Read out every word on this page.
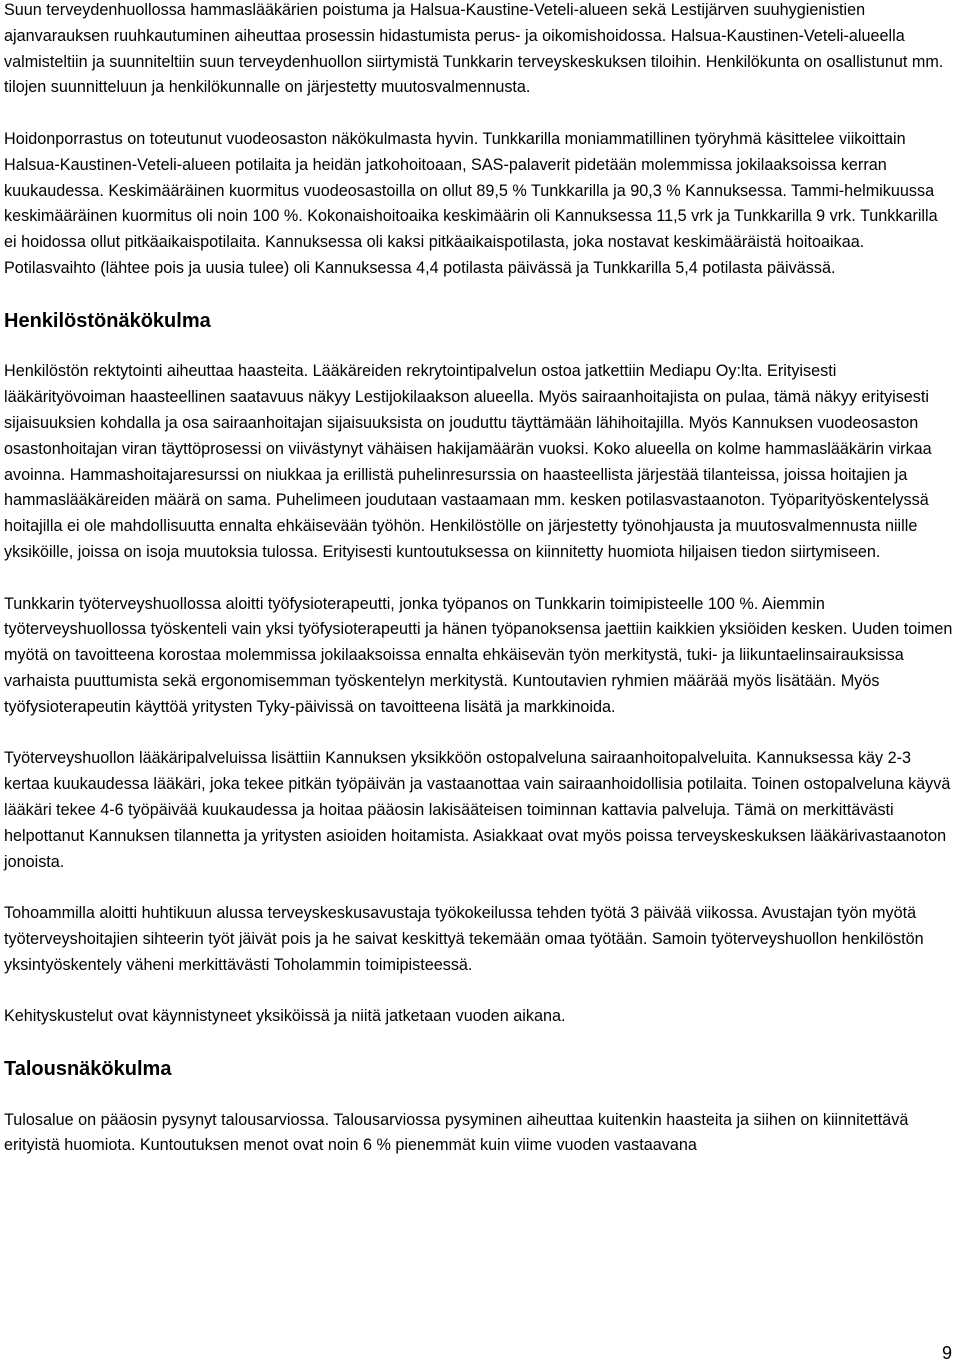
Suun terveydenhuollossa hammaslääkärien poistuma ja Halsua-Kaustine-Veteli-alueen sekä Lestijärven suuhygienistien ajanvarauksen ruuhkautuminen aiheuttaa prosessin hidastumista perus- ja oikomishoidossa. Halsua-Kaustinen-Veteli-alueella valmisteltiin ja suunniteltiin suun terveydenhuollon siirtymistä Tunkkarin terveyskeskuksen tiloihin. Henkilökunta on osallistunut mm. tilojen suunnitteluun ja henkilökunnalle on järjestetty muutosvalmennusta.

Hoidonporrastus on toteutunut vuodeosaston näkökulmasta hyvin. Tunkkarilla moniammatillinen työryhmä käsittelee viikoittain Halsua-Kaustinen-Veteli-alueen potilaita ja heidän jatkohoitoaan, SAS-palaverit pidetään molemmissa jokilaaksoissa kerran kuukaudessa. Keskimääräinen kuormitus vuodeosastoilla on ollut 89,5 % Tunkkarilla ja 90,3 % Kannuksessa. Tammi-helmikuussa keskimääräinen kuormitus oli noin 100 %. Kokonaishoitoaika keskimäärin oli Kannuksessa 11,5 vrk ja Tunkkarilla 9 vrk. Tunkkarilla ei hoidossa ollut pitkäaikaispotilaita. Kannuksessa oli kaksi pitkäaikaispotilasta, joka nostavat keskimääräistä hoitoaikaa. Potilasvaihto (lähtee pois ja uusia tulee) oli Kannuksessa 4,4 potilasta päivässä ja Tunkkarilla 5,4 potilasta päivässä.

Henkilöstönäkökulma

Henkilöstön rektytointi aiheuttaa haasteita. Lääkäreiden rekrytointipalvelun ostoa jatkettiin Mediapu Oy:lta. Erityisesti lääkärityövoiman haasteellinen saatavuus näkyy Lestijokilaakson alueella. Myös sairaanhoitajista on pulaa, tämä näkyy erityisesti sijaisuuksien kohdalla ja osa sairaanhoitajan sijaisuuksista on jouduttu täyttämään lähihoitajilla. Myös Kannuksen vuodeosaston osastonhoitajan viran täyttöprosessi on viivästynyt vähäisen hakijamäärän vuoksi. Koko alueella on kolme hammaslääkärin virkaa avoinna. Hammashoitajaresurssi on niukkaa ja erillistä puhelinresurssia on haasteellista järjestää tilanteissa, joissa hoitajien ja hammaslääkäreiden määrä on sama. Puhelimeen joudutaan vastaamaan mm. kesken potilasvastaanoton. Työparityöskentelyssä hoitajilla ei ole mahdollisuutta ennalta ehkäisevään työhön. Henkilöstölle on järjestetty työnohjausta ja muutosvalmennusta niille yksiköille, joissa on isoja muutoksia tulossa. Erityisesti kuntoutuksessa on kiinnitetty huomiota hiljaisen tiedon siirtymiseen.

Tunkkarin työterveyshuollossa aloitti työfysioterapeutti, jonka työpanos on Tunkkarin toimipisteelle 100 %. Aiemmin työterveyshuollossa työskenteli vain yksi työfysioterapeutti ja hänen työpanoksensa jaettiin kaikkien yksiöiden kesken. Uuden toimen myötä on tavoitteena korostaa molemmissa jokilaaksoissa ennalta ehkäisevän työn merkitystä, tuki- ja liikuntaelinsairauksissa varhaista puuttumista sekä ergonomisemman työskentelyn merkitystä. Kuntoutavien ryhmien määrää myös lisätään. Myös työfysioterapeutin käyttöä yritysten Tyky-päivissä on tavoitteena lisätä ja markkinoida.

Työterveyshuollon lääkäripalveluissa lisättiin Kannuksen yksikköön ostopalveluna sairaanhoitopalveluita. Kannuksessa käy 2-3 kertaa kuukaudessa lääkäri, joka tekee pitkän työpäivän ja vastaanottaa vain sairaanhoidollisia potilaita. Toinen ostopalveluna käyvä lääkäri tekee 4-6 työpäivää kuukaudessa ja hoitaa pääosin lakisääteisen toiminnan kattavia palveluja. Tämä on merkittävästi helpottanut Kannuksen tilannetta ja yritysten asioiden hoitamista. Asiakkaat ovat myös poissa terveyskeskuksen lääkärivastaanoton jonoista.

Tohoammilla aloitti huhtikuun alussa terveyskeskusavustaja työkokeilussa tehden työtä 3 päivää viikossa. Avustajan työn myötä työterveyshoitajien sihteerin työt jäivät pois ja he saivat keskittyä tekemään omaa työtään. Samoin työterveyshuollon henkilöstön yksintyöskentely väheni merkittävästi Toholammin toimipisteessä.

Kehityskustelut ovat käynnistyneet yksiköissä ja niitä jatketaan vuoden aikana.

Talousnäkökulma

Tulosalue on pääosin pysynyt talousarviossa. Talousarviossa pysyminen aiheuttaa kuitenkin haasteita ja siihen on kiinnitettävä erityistä huomiota. Kuntoutuksen menot ovat noin 6 % pienemmät kuin viime vuoden vastaavana

9
